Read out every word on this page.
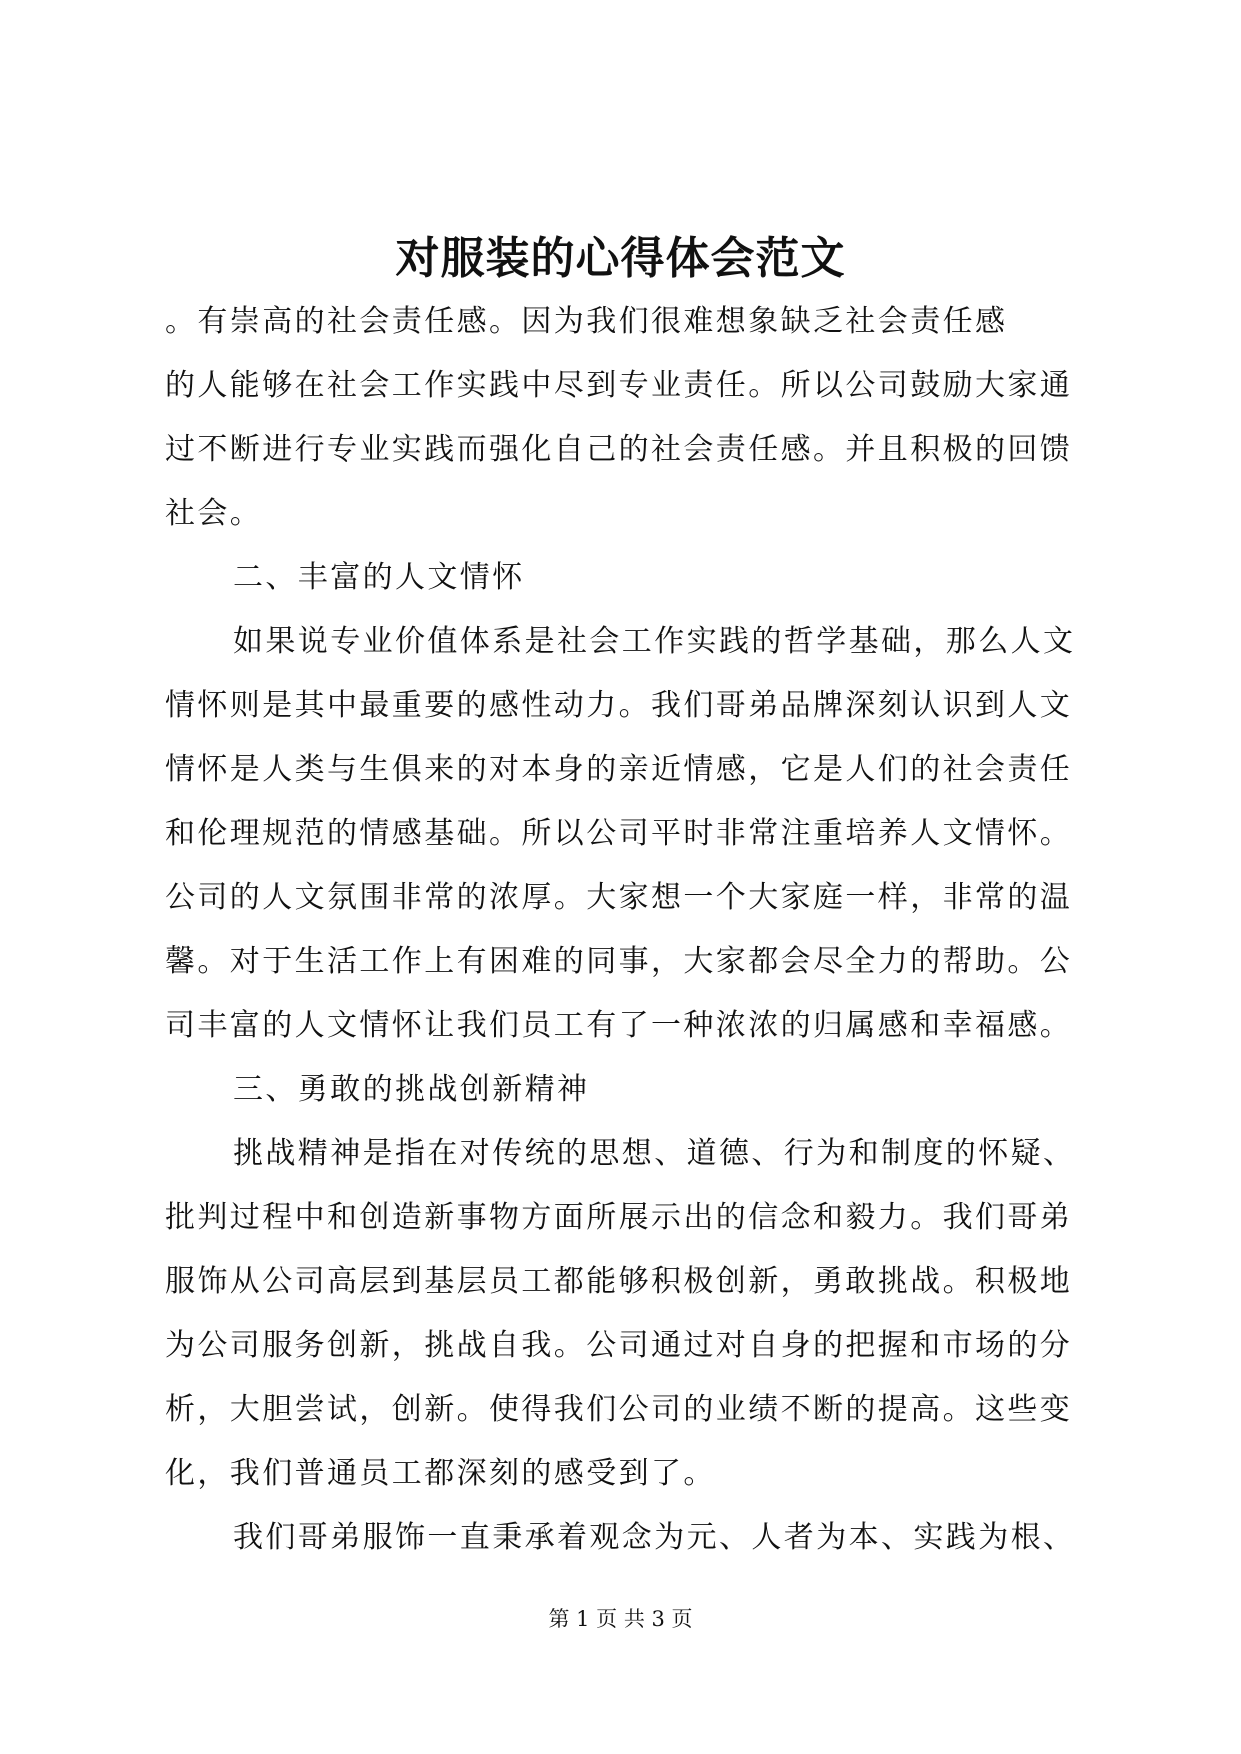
对服装的心得体会范文
。有崇高的社会责任感。因为我们很难想象缺乏社会责任感
的人能够在社会工作实践中尽到专业责任。所以公司鼓励大家通
过不断进行专业实践而强化自己的社会责任感。并且积极的回馈
社会。
二、丰富的人文情怀
如果说专业价值体系是社会工作实践的哲学基础，那么人文
情怀则是其中最重要的感性动力。我们哥弟品牌深刻认识到人文
情怀是人类与生俱来的对本身的亲近情感，它是人们的社会责任
和伦理规范的情感基础。所以公司平时非常注重培养人文情怀。
公司的人文氛围非常的浓厚。大家想一个大家庭一样，非常的温
馨。对于生活工作上有困难的同事，大家都会尽全力的帮助。公
司丰富的人文情怀让我们员工有了一种浓浓的归属感和幸福感。
三、勇敢的挑战创新精神
挑战精神是指在对传统的思想、道德、行为和制度的怀疑、
批判过程中和创造新事物方面所展示出的信念和毅力。我们哥弟
服饰从公司高层到基层员工都能够积极创新，勇敢挑战。积极地
为公司服务创新，挑战自我。公司通过对自身的把握和市场的分
析，大胆尝试，创新。使得我们公司的业绩不断的提高。这些变
化，我们普通员工都深刻的感受到了。
我们哥弟服饰一直秉承着观念为元、人者为本、实践为根、
第 1 页 共 3 页
